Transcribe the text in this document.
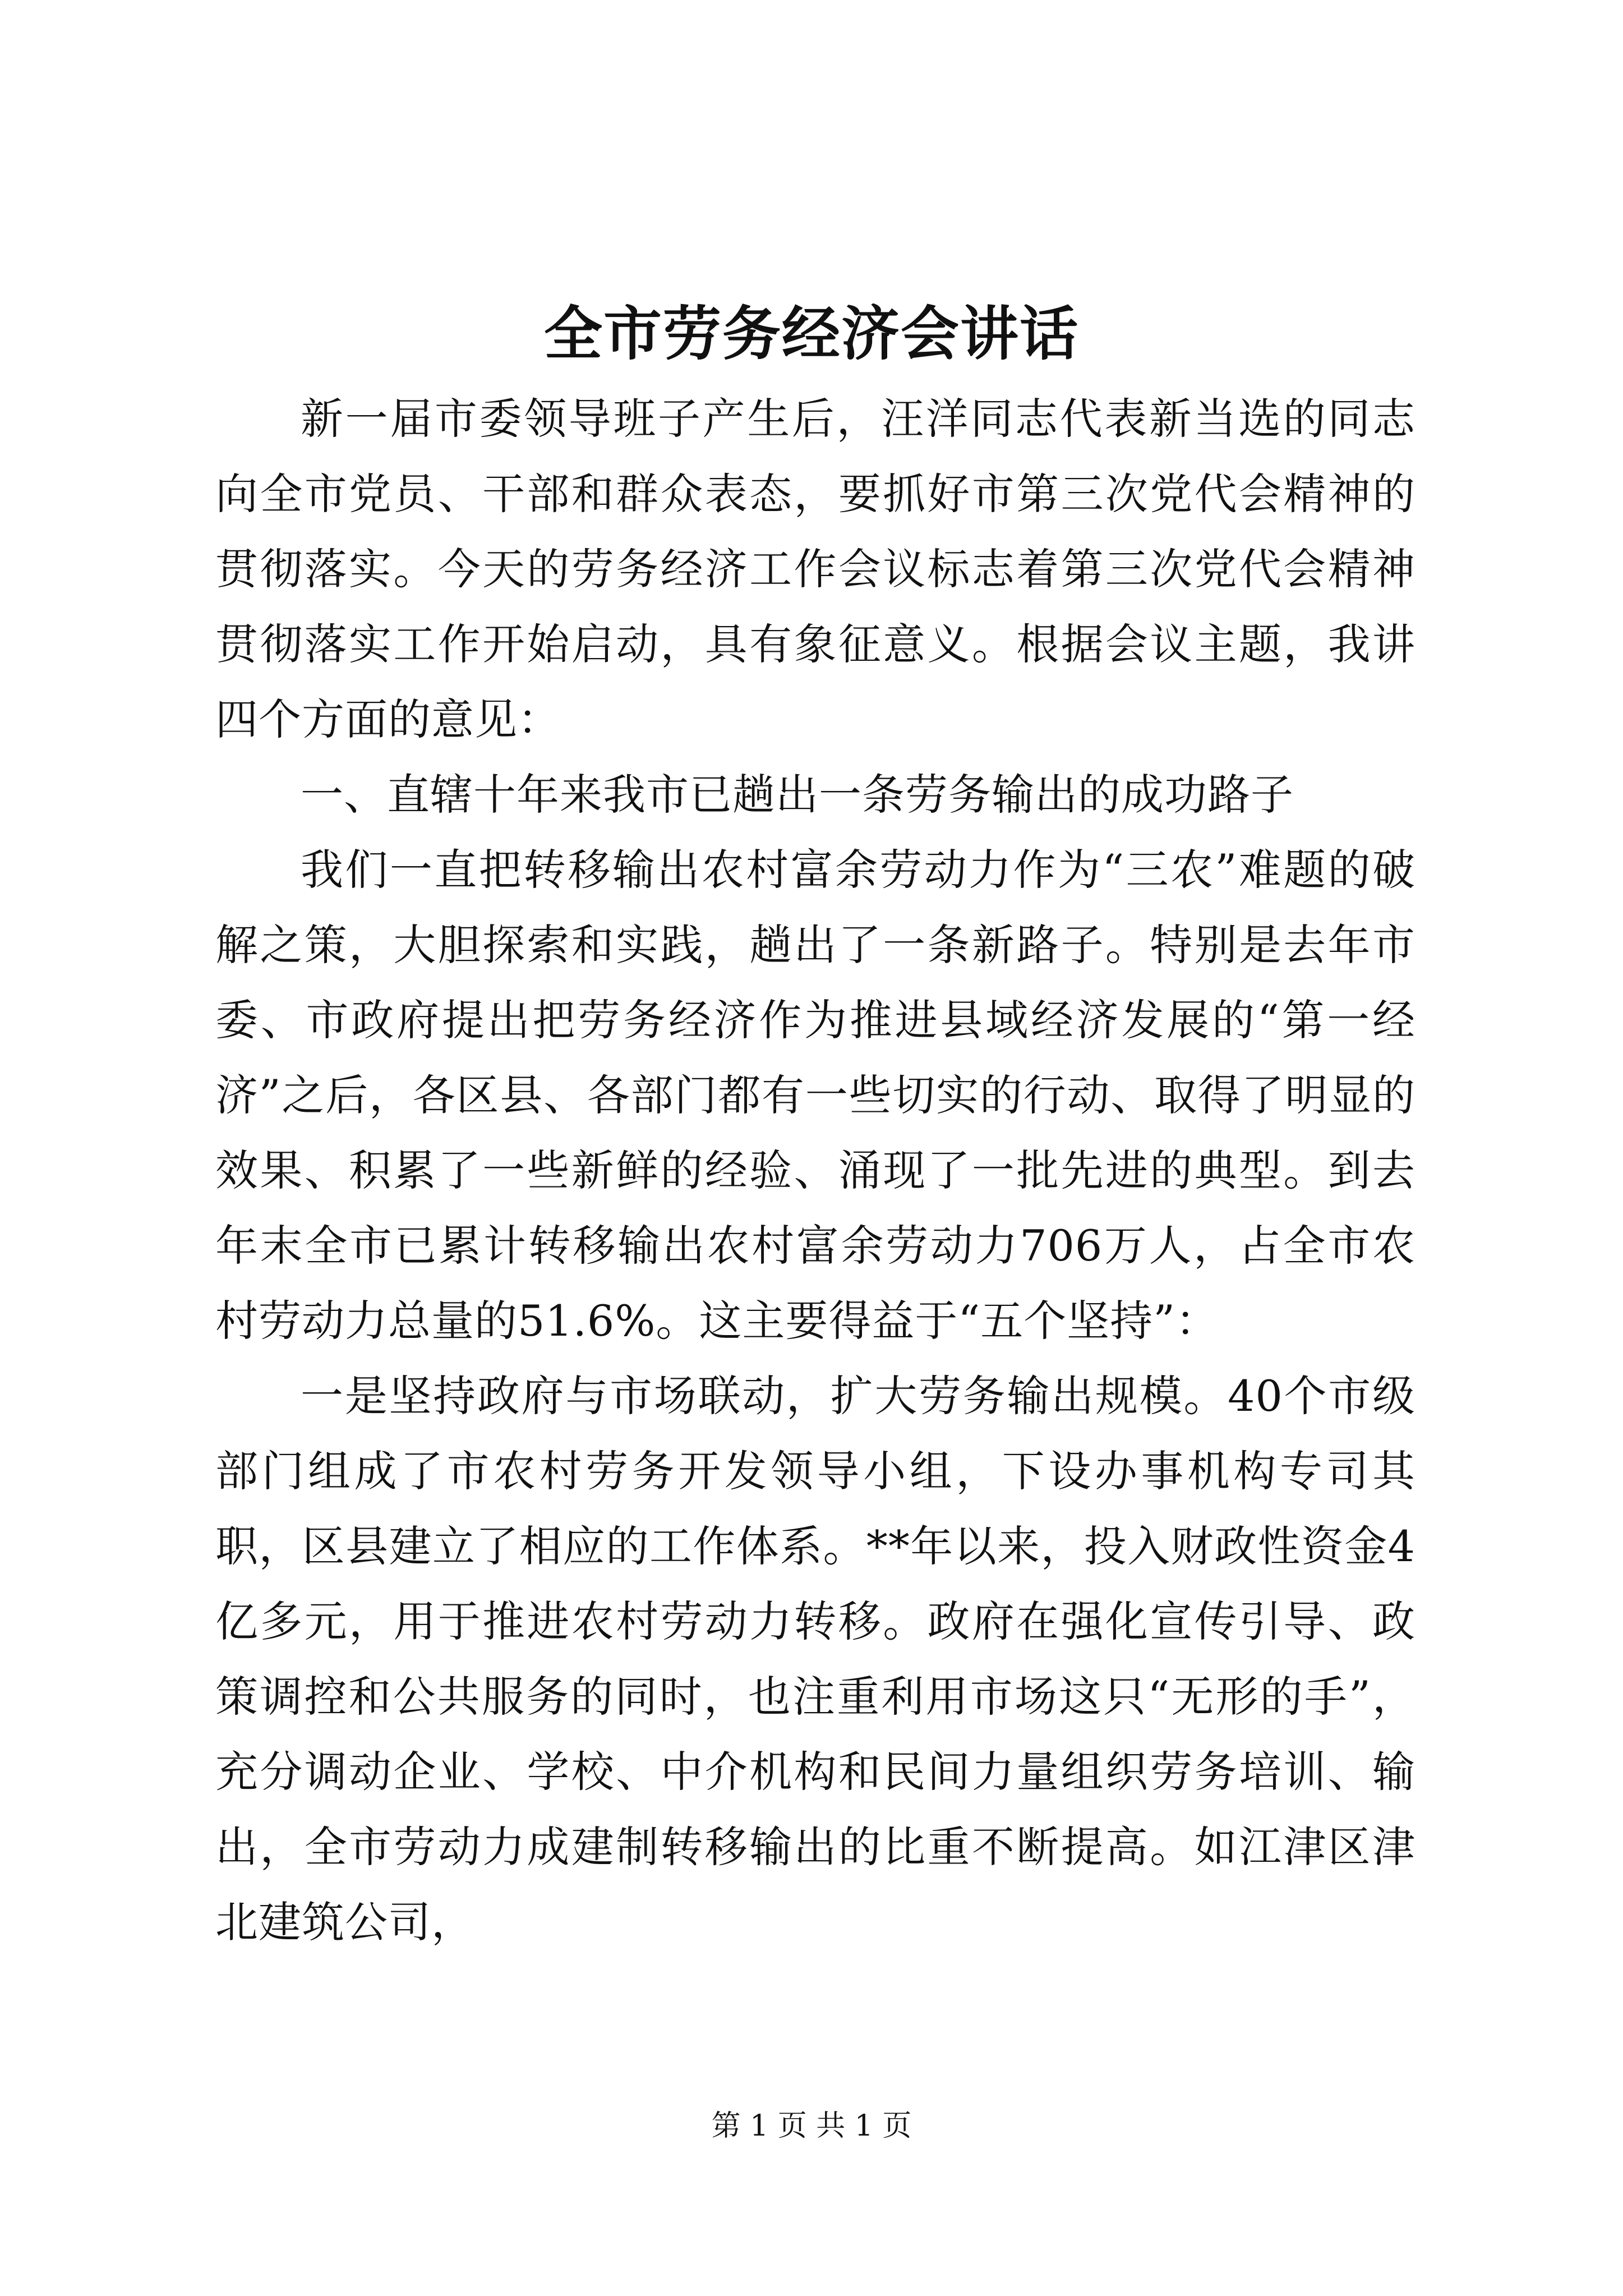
全市劳务经济会讲话

新一届市委领导班子产生后，汪洋同志代表新当选的同志向全市党员、干部和群众表态，要抓好市第三次党代会精神的贯彻落实。今天的劳务经济工作会议标志着第三次党代会精神贯彻落实工作开始启动，具有象征意义。根据会议主题，我讲四个方面的意见：

一、直辖十年来我市已趟出一条劳务输出的成功路子

我们一直把转移输出农村富余劳动力作为“三农”难题的破解之策，大胆探索和实践，趟出了一条新路子。特别是去年市委、市政府提出把劳务经济作为推进县域经济发展的“第一经济”之后，各区县、各部门都有一些切实的行动、取得了明显的效果、积累了一些新鲜的经验、涌现了一批先进的典型。到去年末全市已累计转移输出农村富余劳动力706万人，占全市农村劳动力总量的51.6%。这主要得益于“五个坚持”：

一是坚持政府与市场联动，扩大劳务输出规模。40个市级部门组成了市农村劳务开发领导小组，下设办事机构专司其职，区县建立了相应的工作体系。**年以来，投入财政性资金4亿多元，用于推进农村劳动力转移。政府在强化宣传引导、政策调控和公共服务的同时，也注重利用市场这只“无形的手”，充分调动企业、学校、中介机构和民间力量组织劳务培训、输出，全市劳动力成建制转移输出的比重不断提高。如江津区津北建筑公司，

第 1 页 共 1 页
